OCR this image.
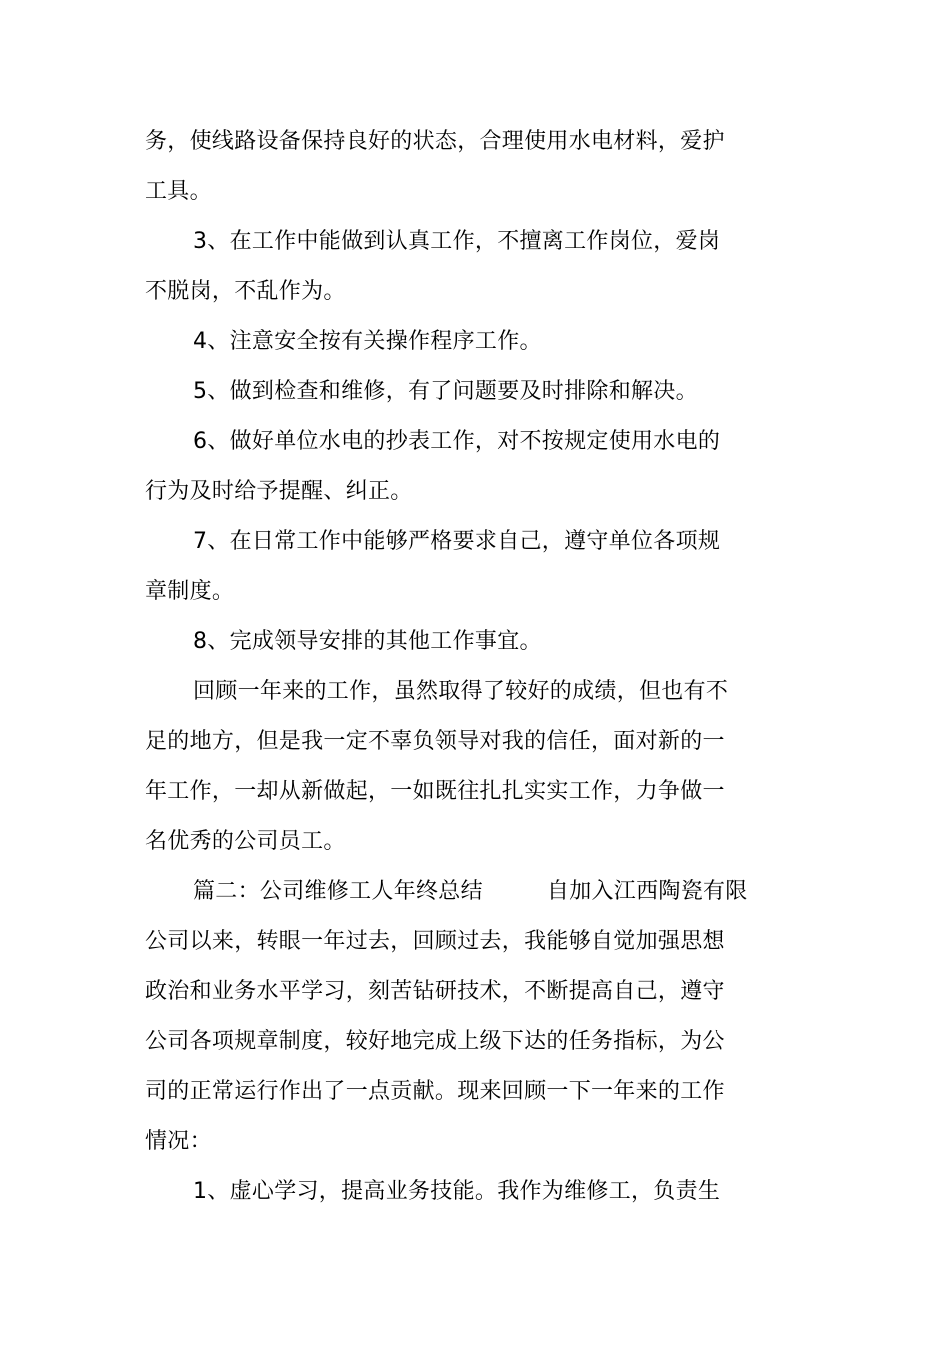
务，使线路设备保持良好的状态，合理使用水电材料，爱护
工具。
3、在工作中能做到认真工作，不擅离工作岗位，爱岗
不脱岗，不乱作为。
4、注意安全按有关操作程序工作。
5、做到检查和维修，有了问题要及时排除和解决。
6、做好单位水电的抄表工作，对不按规定使用水电的
行为及时给予提醒、纠正。
7、在日常工作中能够严格要求自己，遵守单位各项规
章制度。
8、完成领导安排的其他工作事宜。
回顾一年来的工作，虽然取得了较好的成绩，但也有不
足的地方，但是我一定不辜负领导对我的信任，面对新的一
年工作，一却从新做起，一如既往扎扎实实工作，力争做一
名优秀的公司员工。
篇二：公司维修工人年终总结	自加入江西陶瓷有限
公司以来，转眼一年过去，回顾过去，我能够自觉加强思想
政治和业务水平学习，刻苦钻研技术，不断提高自己，遵守
公司各项规章制度，较好地完成上级下达的任务指标，为公
司的正常运行作出了一点贡献。现来回顾一下一年来的工作
情况：
1、虚心学习，提高业务技能。我作为维修工，负责生
